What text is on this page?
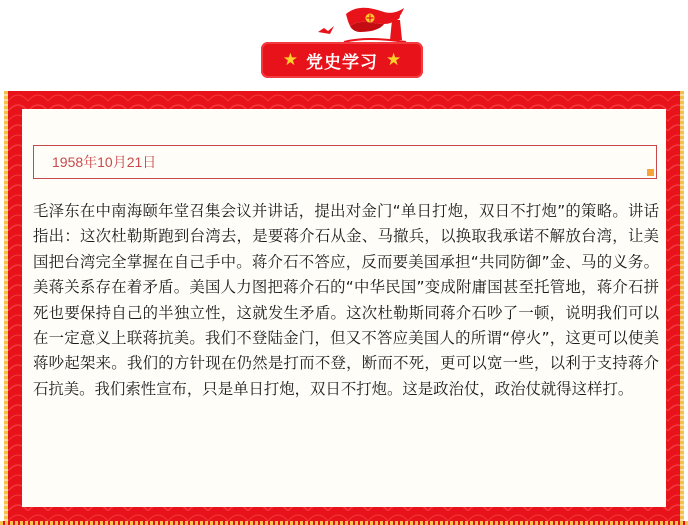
★ 党史学习 ★
1958年10月21日

毛泽东在中南海颐年堂召集会议并讲话，提出对金门“单日打炮，双日不打炮”的策略。讲话指出：这次杜勒斯跑到台湾去，是要蒋介石从金、马撤兵，以换取我承诺不解放台湾，让美国把台湾完全掌握在自己手中。蒋介石不答应，反而要美国承担“共同防御”金、马的义务。美蒋关系存在着矛盾。美国人力图把蒋介石的“中华民国”变成附庸国甚至托管地，蒋介石拼死也要保持自己的半独立性，这就发生矛盾。这次杜勒斯同蒋介石吵了一顿，说明我们可以在一定意义上联蒋抗美。我们不登陆金门，但又不答应美国人的所谓“停火”，这更可以使美蒋吵起架来。我们的方针现在仍然是打而不登，断而不死，更可以宽一些，以利于支持蒋介石抗美。我们索性宣布，只是单日打炮，双日不打炮。这是政治仗，政治仗就得这样打。
